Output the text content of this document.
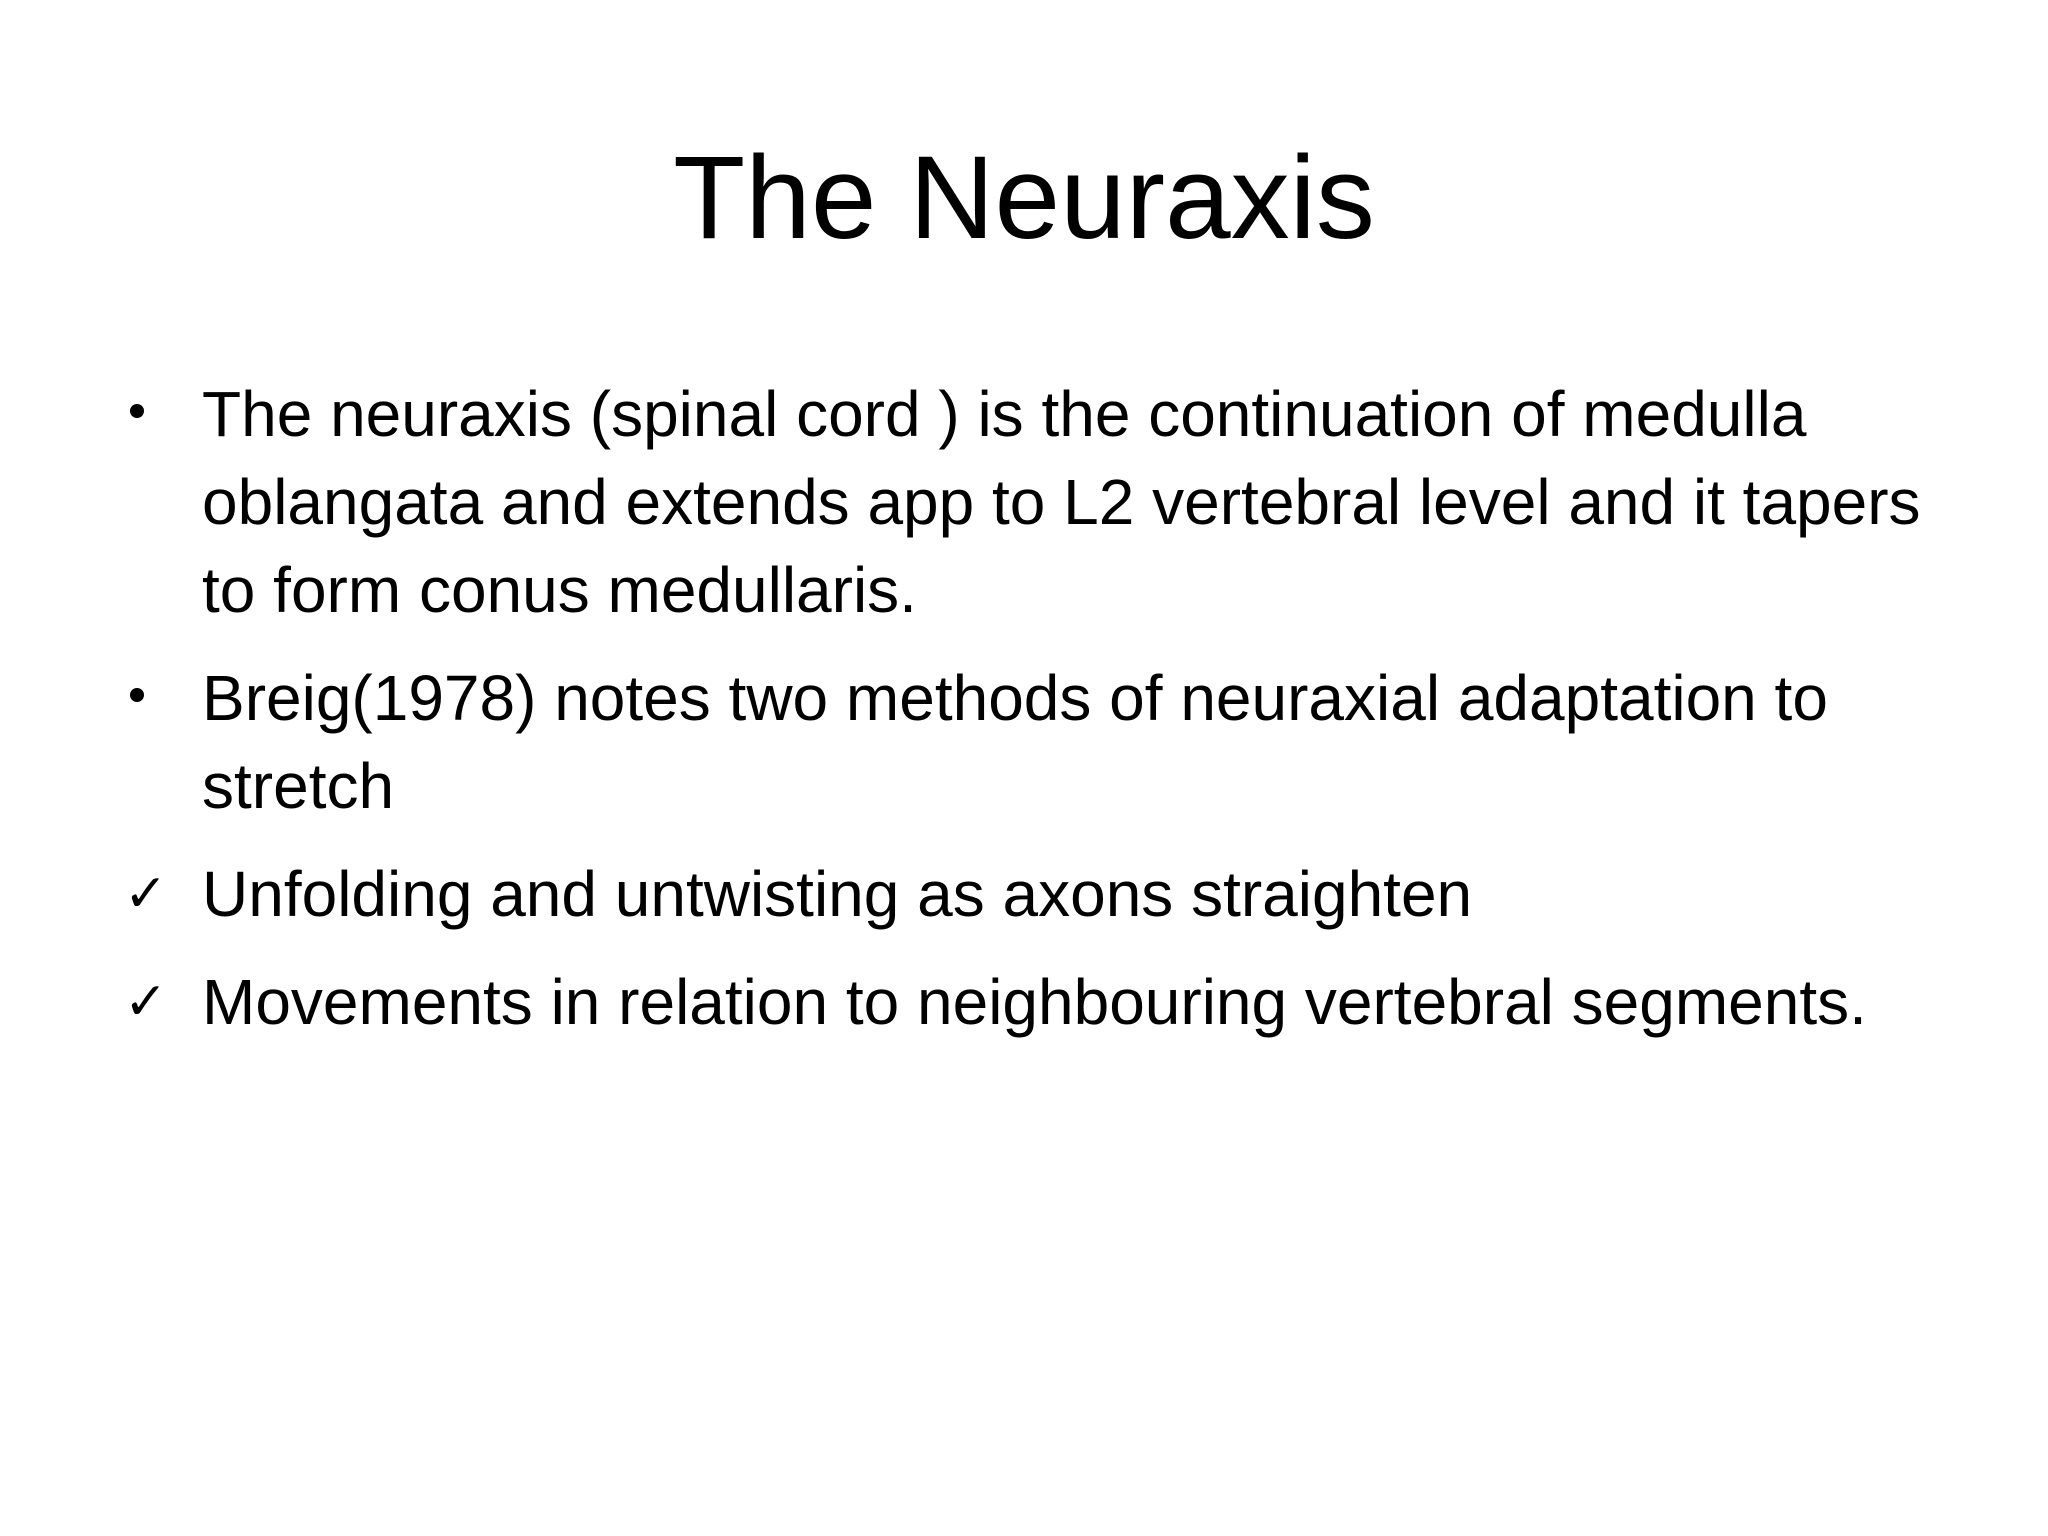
The Neuraxis
The neuraxis (spinal cord ) is the continuation of medulla oblangata and extends app to L2 vertebral level and it tapers to form conus medullaris.
Breig(1978) notes two methods of neuraxial adaptation to stretch
✓ Unfolding and untwisting as axons straighten
✓ Movements in relation to neighbouring vertebral segments.
